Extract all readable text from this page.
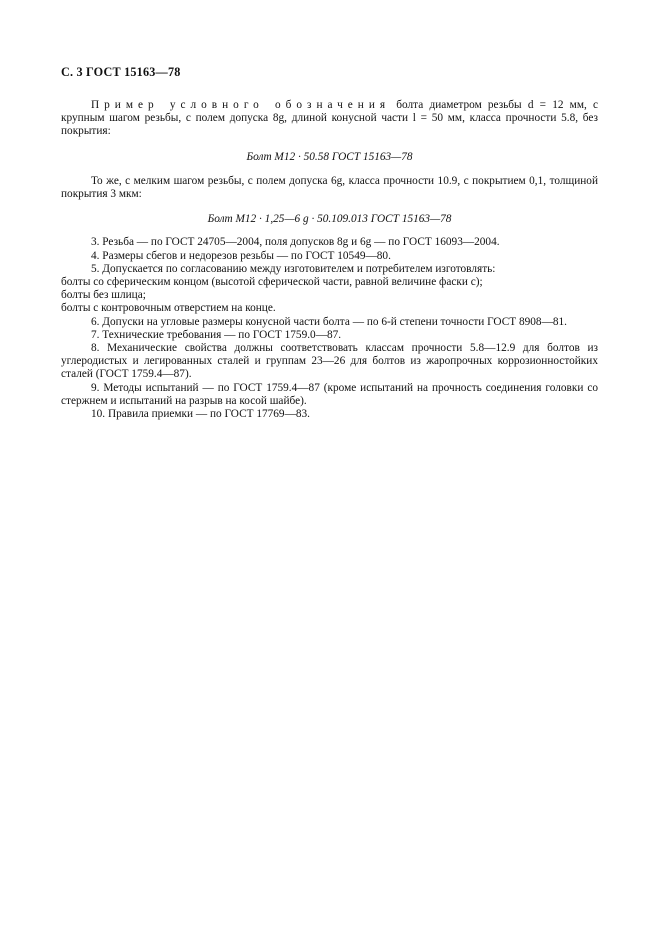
С. 3 ГОСТ 15163—78

Пример условного обозначения болта диаметром резьбы d = 12 мм, с крупным шагом резьбы, с полем допуска 8g, длиной конусной части l = 50 мм, класса прочности 5.8, без покрытия:

Болт М12 · 50.58 ГОСТ 15163—78

То же, с мелким шагом резьбы, с полем допуска 6g, класса прочности 10.9, с покрытием 0,1, толщиной покрытия 3 мкм:

Болт М12 · 1,25—6 g · 50.109.013 ГОСТ 15163—78

3. Резьба — по ГОСТ 24705—2004, поля допусков 8g и 6g — по ГОСТ 16093—2004.

4. Размеры сбегов и недорезов резьбы — по ГОСТ 10549—80.

5. Допускается по согласованию между изготовителем и потребителем изготовлять:

болты со сферическим концом (высотой сферической части, равной величине фаски c);

болты без шлица;

болты с контровочным отверстием на конце.

6. Допуски на угловые размеры конусной части болта — по 6-й степени точности ГОСТ 8908—81.

7. Технические требования — по ГОСТ 1759.0—87.

8. Механические свойства должны соответствовать классам прочности 5.8—12.9 для болтов из углеродистых и легированных сталей и группам 23—26 для болтов из жаропрочных коррозионностойких сталей (ГОСТ 1759.4—87).

9. Методы испытаний — по ГОСТ 1759.4—87 (кроме испытаний на прочность соединения головки со стержнем и испытаний на разрыв на косой шайбе).

10. Правила приемки — по ГОСТ 17769—83.
